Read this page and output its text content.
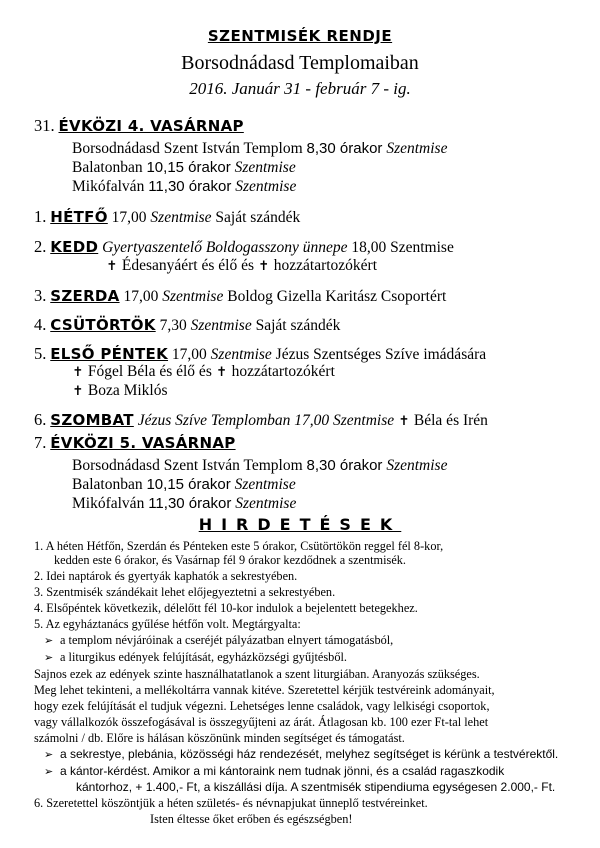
SZENTMISÉK RENDJE
Borsodnádasd Templomaiban
2016. Január 31 - február 7 - ig.
31. ÉVKÖZI 4. VASÁRNAP
Borsodnádasd Szent István Templom 8,30 órakor Szentmise
Balatonban 10,15 órakor Szentmise
Mikófalván 11,30 órakor Szentmise
1. HÉTFŐ 17,00 Szentmise Saját szándék
2. KEDD Gyertyaszentelő Boldogasszony ünnepe 18,00 Szentmise
✝ Édesanyáért és élő és ✝ hozzátartozókért
3. SZERDA 17,00 Szentmise Boldog Gizella Karitász Csoportért
4. CSÜTÖRTÖK 7,30 Szentmise Saját szándék
5. ELSŐ PÉNTEK 17,00 Szentmise Jézus Szentséges Szíve imádására
✝ Fógel Béla és élő és ✝ hozzátartozókért
✝ Boza Miklós
6. SZOMBAT Jézus Szíve Templomban 17,00 Szentmise ✝ Béla és Irén
7. ÉVKÖZI 5. VASÁRNAP
Borsodnádasd Szent István Templom 8,30 órakor Szentmise
Balatonban 10,15 órakor Szentmise
Mikófalván 11,30 órakor Szentmise
HIRDETÉSEK
1. A héten Hétfőn, Szerdán és Pénteken este 5 órakor, Csütörtökön reggel fél 8-kor,
kedden este 6 órakor, és Vasárnap fél 9 órakor kezdődnek a szentmisék.
2. Idei naptárok és gyertyák kaphatók a sekrestyében.
3. Szentmisék szándékait lehet előjegyeztetni a sekrestyében.
4. Elsőpéntek következik, délelőtt fél 10-kor indulok a bejelentett betegekhez.
5. Az egyháztanács gyűlése hétfőn volt. Megtárgyalta:
➢ a templom névjáróinak a cseréjét pályázatban elnyert támogatásból,
➢ a liturgikus edények felújítását, egyházközségi gyűjtésből.
Sajnos ezek az edények szinte használhatatlanok a szent liturgiában. Aranyozás szükséges.
Meg lehet tekinteni, a mellékoltárra vannak kitéve. Szeretettel kérjük testvéreink adományait,
hogy ezek felújítását el tudjuk végezni. Lehetséges lenne családok, vagy lelkiségi csoportok,
vagy vállalkozók összefogásával is összegyűjteni az árát. Átlagosan kb. 100 ezer Ft-tal lehet
számolni / db. Előre is hálásan köszönünk minden segítséget és támogatást.
➢ a sekrestye, plebánia, közösségi ház rendezését, melyhez segítséget is kérünk a testvérektől.
➢ a kántor-kérdést. Amikor a mi kántoraink nem tudnak jönni, és a család ragaszkodik
kántorhoz, + 1.400,- Ft, a kiszállási díja. A szentmisék stipendiuma egységesen 2.000,- Ft.
6. Szeretettel köszöntjük a héten születés- és névnapjukat ünneplő testvéreinket.
Isten éltesse őket erőben és egészségben!
